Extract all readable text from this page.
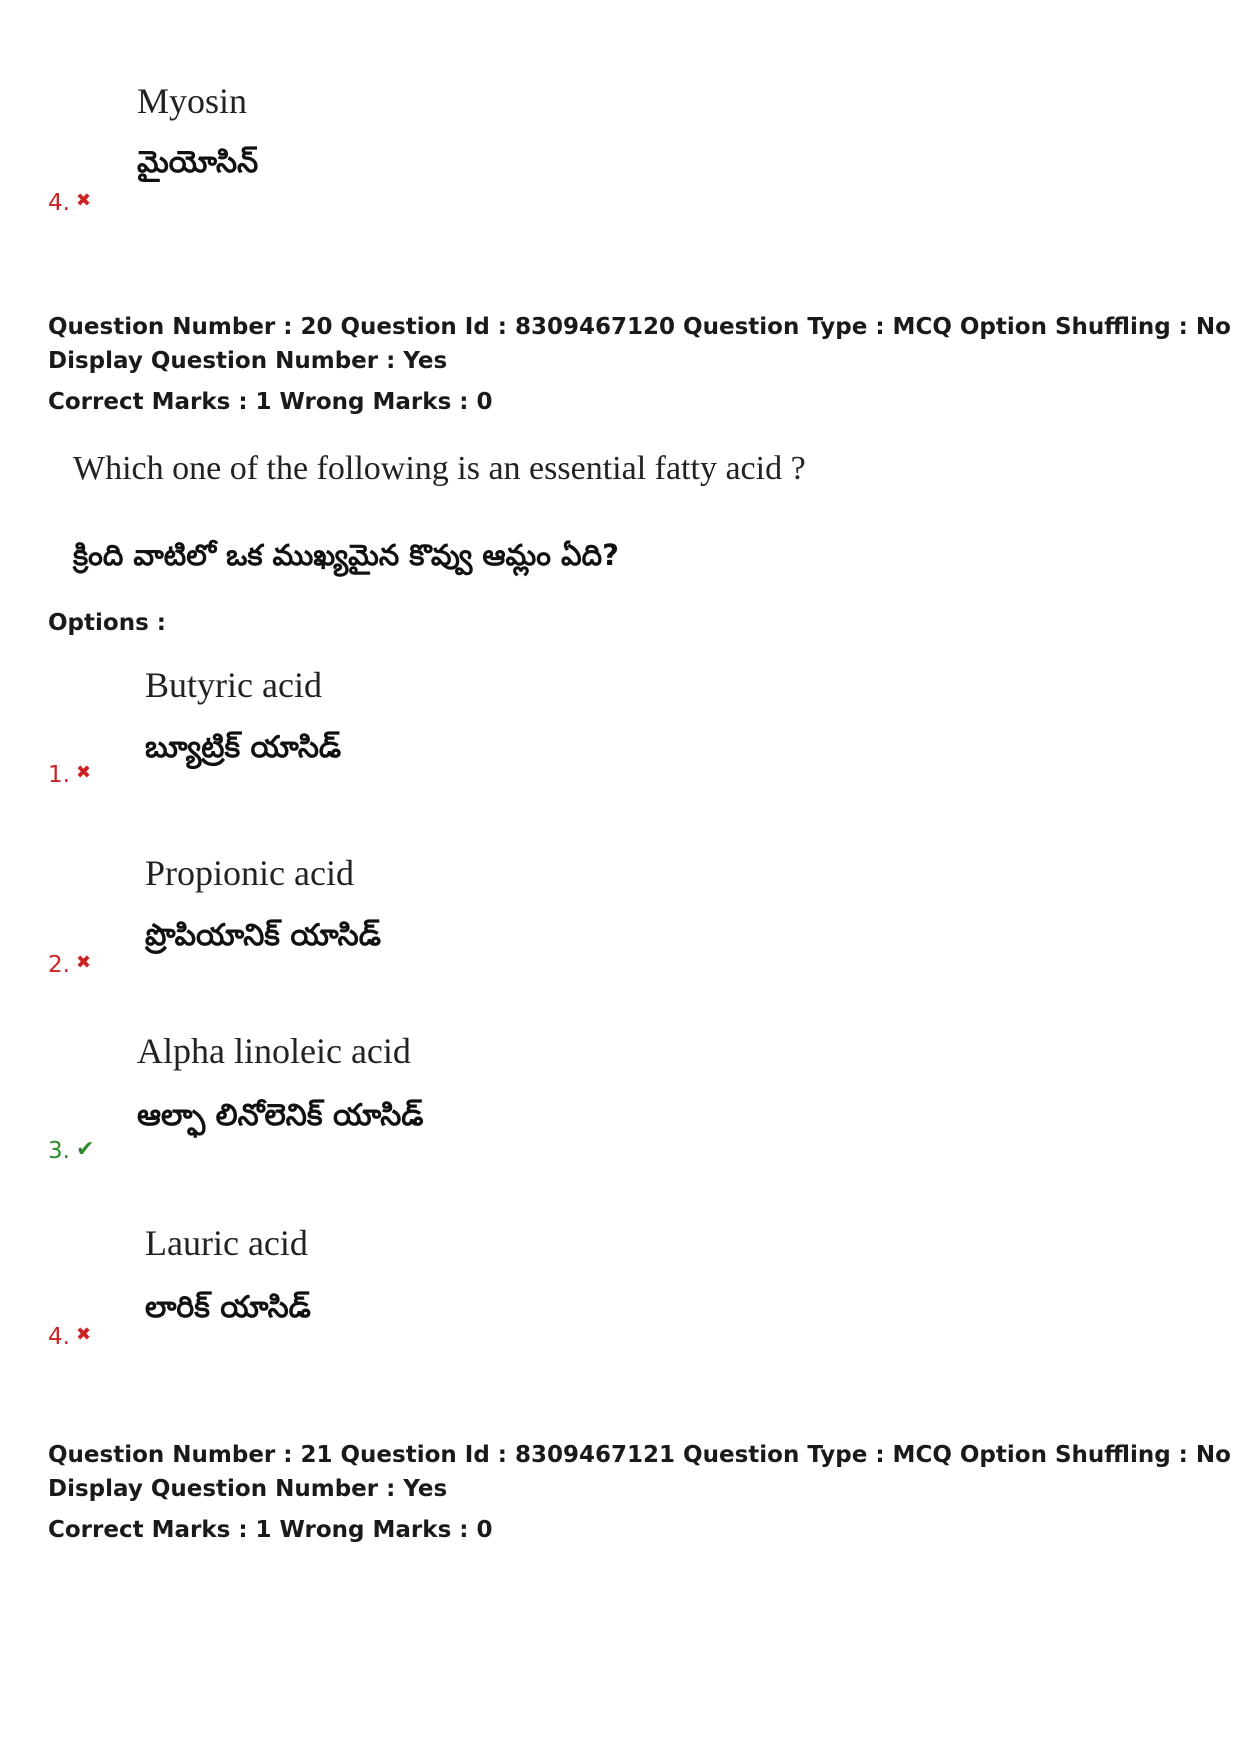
Myosin
మైయోసిన్
4. ✖
Question Number : 20 Question Id : 8309467120 Question Type : MCQ Option Shuffling : No
Display Question Number : Yes
Correct Marks : 1 Wrong Marks : 0
Which one of the following is an essential fatty acid ?
క్రింది వాటిలో ఒక ముఖ్యమైన కొవ్వు ఆమ్లం ఏది?
Options :
Butyric acid
బ్యూట్రిక్ యాసిడ్
1. ✖
Propionic acid
ప్రొపియానిక్ యాసిడ్
2. ✖
Alpha linoleic acid
ఆల్ఫా లినోలెనిక్ యాసిడ్
3. ✔
Lauric acid
లారిక్ యాసిడ్
4. ✖
Question Number : 21 Question Id : 8309467121 Question Type : MCQ Option Shuffling : No
Display Question Number : Yes
Correct Marks : 1 Wrong Marks : 0
